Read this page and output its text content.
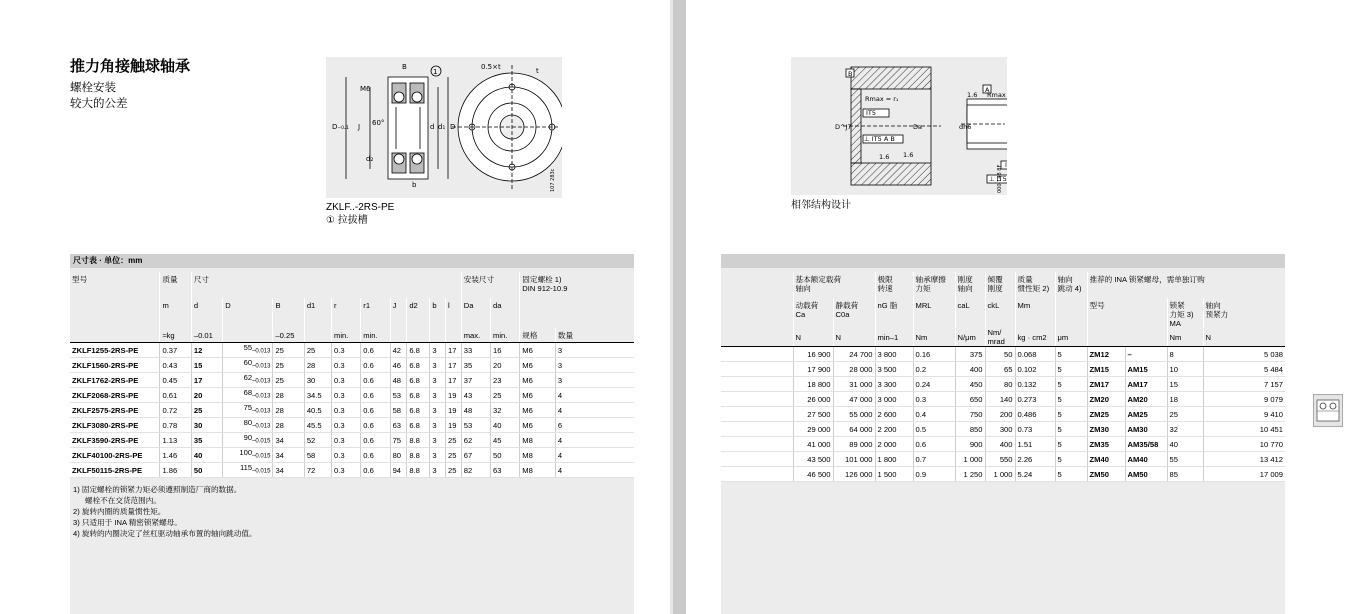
推力角接触球轴承
螺栓安装
较大的公差
D₋₀.₁ J	d d₁ D
B
1
M6
60°
d₂
b
0.5×t	t
107 283c
ZKLF..-2RS-PE
① 拉拔槽
尺寸表 · 单位：mm
型号	质量	尺寸										安装尺寸		固定螺栓 1)
DIN 912-10.9	
	m	d	D	B	d1	r	r1	J	d2	b	l	Da	da		
	≈kg	–0.01		–0.25		min.	min.					max.	min.	规格	数量
ZKLF1255-2RS-PE	0.37	12	$55_{-0.013}$	25	25	0.3	0.6	42	6.8	3	17	33	16	M6	3
ZKLF1560-2RS-PE	0.43	15	$60_{-0.013}$	25	28	0.3	0.6	46	6.8	3	17	35	20	M6	3
ZKLF1762-2RS-PE	0.45	17	$62_{-0.013}$	25	30	0.3	0.6	48	6.8	3	17	37	23	M6	3
ZKLF2068-2RS-PE	0.61	20	$68_{-0.013}$	28	34.5	0.3	0.6	53	6.8	3	19	43	25	M6	4
ZKLF2575-2RS-PE	0.72	25	$75_{-0.013}$	28	40.5	0.3	0.6	58	6.8	3	19	48	32	M6	4
ZKLF3080-2RS-PE	0.78	30	$80_{-0.013}$	28	45.5	0.3	0.6	63	6.8	3	19	53	40	M6	6
ZKLF3590-2RS-PE	1.13	35	$90_{-0.015}$	34	52	0.3	0.6	75	8.8	3	25	62	45	M8	4
ZKLF40100-2RS-PE	1.46	40	$100_{-0.015}$	34	58	0.3	0.6	80	8.8	3	25	67	50	M8	4
ZKLF50115-2RS-PE	1.86	50	$115_{-0.015}$	34	72	0.3	0.6	94	8.8	3	25	82	63	M8	4
1) 固定螺栓的锁紧力矩必须遵照制造厂商的数据。
螺栓不在交货范围内。
2) 旋转内圈的质量惯性矩。
3) 只适用于 INA 精密锁紧螺母。
4) 旋转的内圈决定了丝杠驱动轴承布置的轴向跳动值。
B
Rmax = r₁
IT5
⊥ IT5 A B
D^J7	Da	dh6
Rmax
A
1.6
I
⊥ IT5
1.6 1.6
000 148 8F
相邻结构设计
	基本额定载荷
轴向		极限
转速	轴承摩擦
力矩	刚度
轴向	倾覆
刚度	质量
惯性矩 2)	轴向
跳动 4)	推荐的 INA 锁紧螺母，需单独订购			
	动载荷
Ca	静载荷
C0a	nG 脂	MRL	caL	ckL	Mm		型号		锁紧
力矩 3)
MA	轴向
预紧力
	N	N	min–1	Nm	N/μm	Nm/ mrad	kg · cm2	μm			Nm	N
	16 900	24 700	3 800	0.16	375	50	0.068	5	ZM12	–	8	5 038
	17 900	28 000	3 500	0.2	400	65	0.102	5	ZM15	AM15	10	5 484
	18 800	31 000	3 300	0.24	450	80	0.132	5	ZM17	AM17	15	7 157
	26 000	47 000	3 000	0.3	650	140	0.273	5	ZM20	AM20	18	9 079
	27 500	55 000	2 600	0.4	750	200	0.486	5	ZM25	AM25	25	9 410
	29 000	64 000	2 200	0.5	850	300	0.73	5	ZM30	AM30	32	10 451
	41 000	89 000	2 000	0.6	900	400	1.51	5	ZM35	AM35/58	40	10 770
	43 500	101 000	1 800	0.7	1 000	550	2.26	5	ZM40	AM40	55	13 412
	46 500	126 000	1 500	0.9	1 250	1 000	5.24	5	ZM50	AM50	85	17 009
